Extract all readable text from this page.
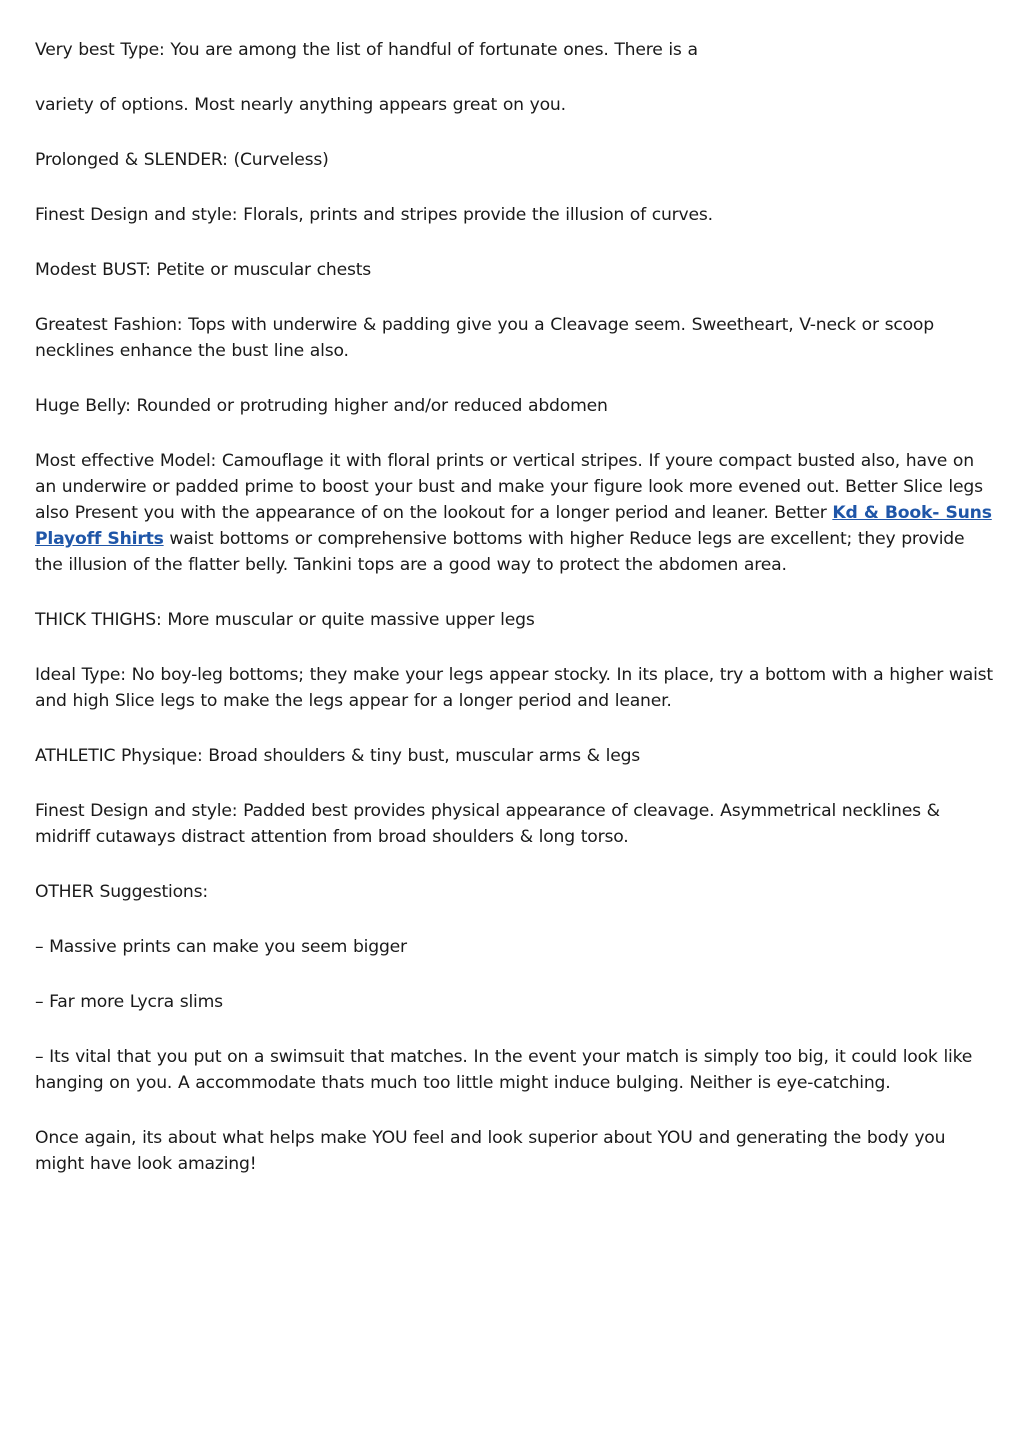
Very best Type: You are among the list of handful of fortunate ones. There is a

variety of options. Most nearly anything appears great on you.

Prolonged & SLENDER: (Curveless)

Finest Design and style: Florals, prints and stripes provide the illusion of curves.

Modest BUST: Petite or muscular chests

Greatest Fashion: Tops with underwire & padding give you a Cleavage seem. Sweetheart, V-neck or scoop necklines enhance the bust line also.

Huge Belly: Rounded or protruding higher and/or reduced abdomen

Most effective Model: Camouflage it with floral prints or vertical stripes. If youre compact busted also, have on an underwire or padded prime to boost your bust and make your figure look more evened out. Better Slice legs also Present you with the appearance of on the lookout for a longer period and leaner. Better Kd & Book- Suns Playoff Shirts waist bottoms or comprehensive bottoms with higher Reduce legs are excellent; they provide the illusion of the flatter belly. Tankini tops are a good way to protect the abdomen area.

THICK THIGHS: More muscular or quite massive upper legs

Ideal Type: No boy-leg bottoms; they make your legs appear stocky. In its place, try a bottom with a higher waist and high Slice legs to make the legs appear for a longer period and leaner.

ATHLETIC Physique: Broad shoulders & tiny bust, muscular arms & legs

Finest Design and style: Padded best provides physical appearance of cleavage. Asymmetrical necklines & midriff cutaways distract attention from broad shoulders & long torso.

OTHER Suggestions:

– Massive prints can make you seem bigger

– Far more Lycra slims

– Its vital that you put on a swimsuit that matches. In the event your match is simply too big, it could look like hanging on you. A accommodate thats much too little might induce bulging. Neither is eye-catching.

Once again, its about what helps make YOU feel and look superior about YOU and generating the body you might have look amazing!
